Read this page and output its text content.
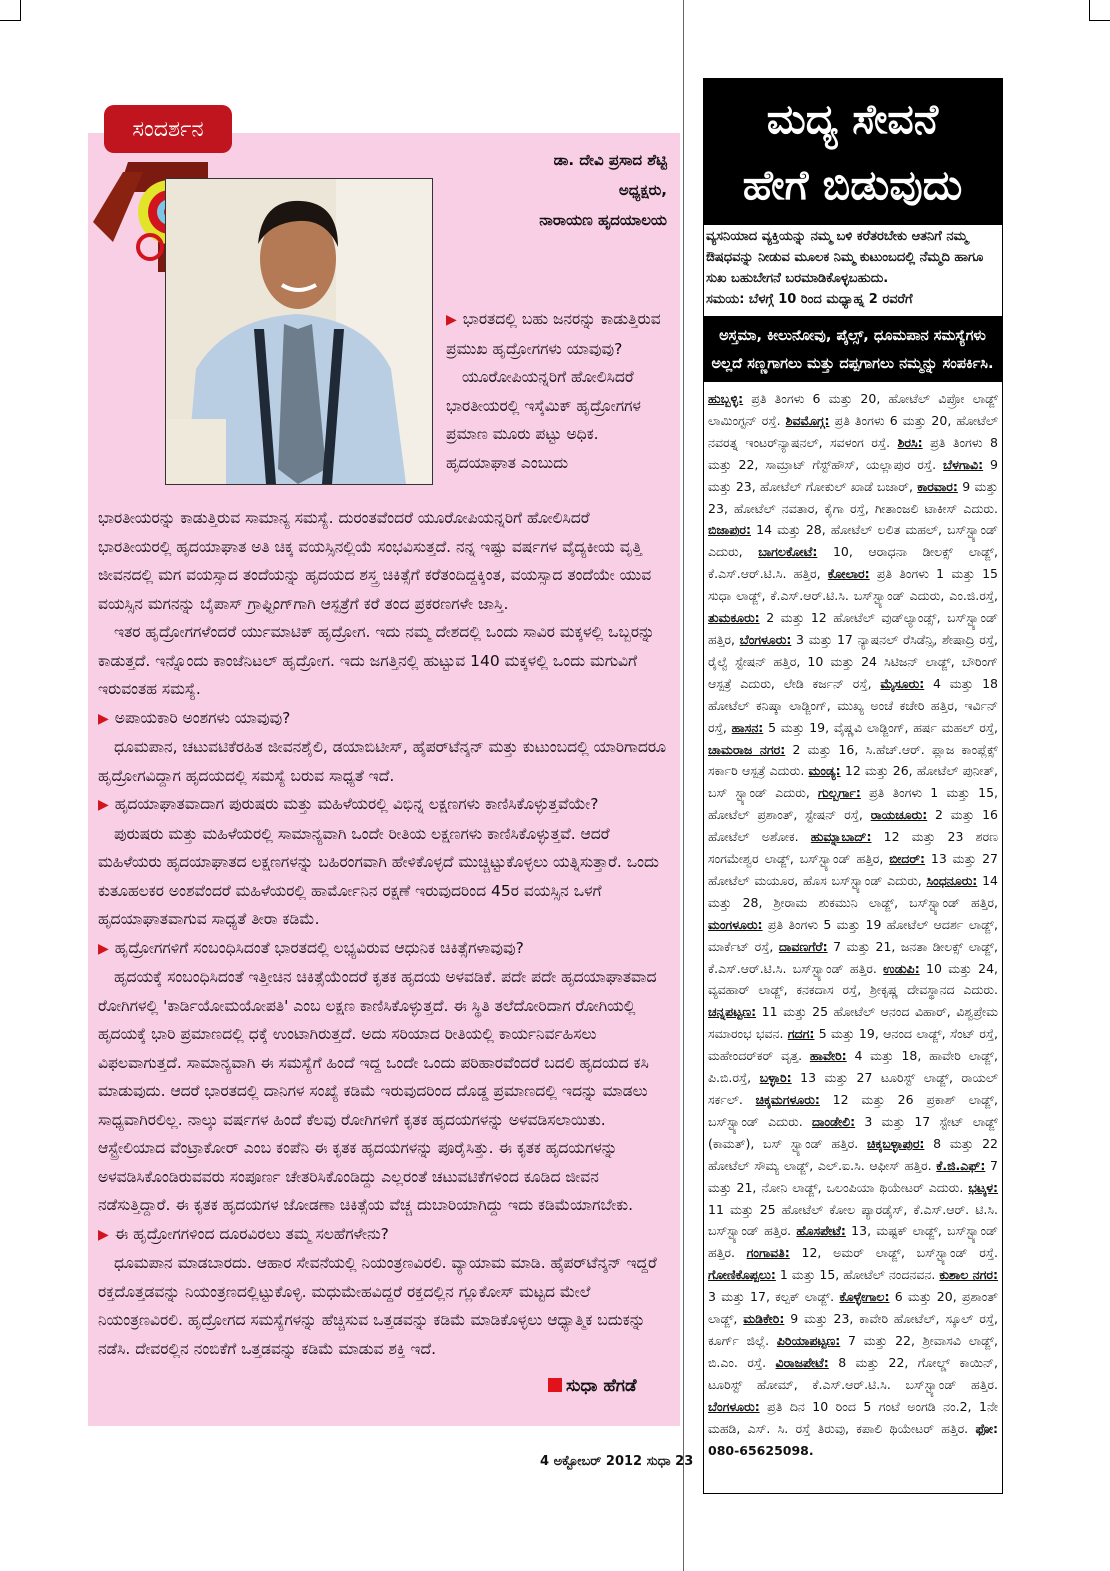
ಸಂದರ್ಶನ
ಡಾ. ದೇವಿ ಪ್ರಸಾದ ಶೆಟ್ಟಿ
ಅಧ್ಯಕ್ಷರು,
ನಾರಾಯಣ ಹೃದಯಾಲಯ

▶ ಭಾರತದಲ್ಲಿ ಬಹು ಜನರನ್ನು ಕಾಡುತ್ತಿರುವ ಪ್ರಮುಖ ಹೃದ್ರೋಗಗಳು ಯಾವುವು?

ಯೂರೋಪಿಯನ್ನರಿಗೆ ಹೋಲಿಸಿದರೆ ಭಾರತೀಯರಲ್ಲಿ ಇಸ್ಕೆಮಿಕ್ ಹೃದ್ರೋಗಗಳ ಪ್ರಮಾಣ ಮೂರು ಪಟ್ಟು ಅಧಿಕ. ಹೃದಯಾಘಾತ ಎಂಬುದು

ಭಾರತೀಯರನ್ನು ಕಾಡುತ್ತಿರುವ ಸಾಮಾನ್ಯ ಸಮಸ್ಯೆ. ದುರಂತವೆಂದರೆ ಯೂರೋಪಿಯನ್ನರಿಗೆ ಹೋಲಿಸಿದರೆ ಭಾರತೀಯರಲ್ಲಿ ಹೃದಯಾಘಾತ ಅತಿ ಚಿಕ್ಕ ವಯಸ್ಸಿನಲ್ಲಿಯೆ ಸಂಭವಿಸುತ್ತದೆ. ನನ್ನ ಇಷ್ಟು ವರ್ಷಗಳ ವೈದ್ಯಕೀಯ ವೃತ್ತಿ ಜೀವನದಲ್ಲಿ ಮಗ ವಯಸ್ಸಾದ ತಂದೆಯನ್ನು ಹೃದಯದ ಶಸ್ತ್ರ ಚಿಕಿತ್ಸೆಗೆ ಕರೆತಂದಿದ್ದಕ್ಕಿಂತ, ವಯಸ್ಸಾದ ತಂದೆಯೇ ಯುವ ವಯಸ್ಸಿನ ಮಗನನ್ನು ಬೈಪಾಸ್ ಗ್ರಾಫ್ಟಿಂಗ್‌ಗಾಗಿ ಆಸ್ಪತ್ರೆಗೆ ಕರೆ ತಂದ ಪ್ರಕರಣಗಳೇ ಜಾಸ್ತಿ.

ಇತರ ಹೃದ್ರೋಗಗಳೆಂದರೆ ರ್ಯುಮಾಟಿಕ್ ಹೃದ್ರೋಗ. ಇದು ನಮ್ಮ ದೇಶದಲ್ಲಿ ಒಂದು ಸಾವಿರ ಮಕ್ಕಳಲ್ಲಿ ಒಬ್ಬರನ್ನು ಕಾಡುತ್ತದೆ. ಇನ್ನೊಂದು ಕಾಂಜೆನಿಟಲ್ ಹೃದ್ರೋಗ. ಇದು ಜಗತ್ತಿನಲ್ಲಿ ಹುಟ್ಟುವ 140 ಮಕ್ಕಳಲ್ಲಿ ಒಂದು ಮಗುವಿಗೆ ಇರುವಂತಹ ಸಮಸ್ಯೆ.

▶ ಅಪಾಯಕಾರಿ ಅಂಶಗಳು ಯಾವುವು?

ಧೂಮಪಾನ, ಚಟುವಟಿಕೆರಹಿತ ಜೀವನಶೈಲಿ, ಡಯಾಬಿಟೀಸ್, ಹೈಪರ್‌ಟೆನ್ಶನ್ ಮತ್ತು ಕುಟುಂಬದಲ್ಲಿ ಯಾರಿಗಾದರೂ ಹೃದ್ರೋಗವಿದ್ದಾಗ ಹೃದಯದಲ್ಲಿ ಸಮಸ್ಯೆ ಬರುವ ಸಾಧ್ಯತೆ ಇದೆ.

▶ ಹೃದಯಾಘಾತವಾದಾಗ ಪುರುಷರು ಮತ್ತು ಮಹಿಳೆಯರಲ್ಲಿ ವಿಭಿನ್ನ ಲಕ್ಷಣಗಳು ಕಾಣಿಸಿಕೊಳ್ಳುತ್ತವೆಯೇ?

ಪುರುಷರು ಮತ್ತು ಮಹಿಳೆಯರಲ್ಲಿ ಸಾಮಾನ್ಯವಾಗಿ ಒಂದೇ ರೀತಿಯ ಲಕ್ಷಣಗಳು ಕಾಣಿಸಿಕೊಳ್ಳುತ್ತವೆ. ಆದರೆ ಮಹಿಳೆಯರು ಹೃದಯಾಘಾತದ ಲಕ್ಷಣಗಳನ್ನು ಬಹಿರಂಗವಾಗಿ ಹೇಳಿಕೊಳ್ಳದೆ ಮುಚ್ಚಿಟ್ಟುಕೊಳ್ಳಲು ಯತ್ನಿಸುತ್ತಾರೆ. ಒಂದು ಕುತೂಹಲಕರ ಅಂಶವೆಂದರೆ ಮಹಿಳೆಯರಲ್ಲಿ ಹಾರ್ಮೋನಿನ ರಕ್ಷಣೆ ಇರುವುದರಿಂದ 45ರ ವಯಸ್ಸಿನ ಒಳಗೆ ಹೃದಯಾಘಾತವಾಗುವ ಸಾಧ್ಯತೆ ತೀರಾ ಕಡಿಮೆ.

▶ ಹೃದ್ರೋಗಗಳಿಗೆ ಸಂಬಂಧಿಸಿದಂತೆ ಭಾರತದಲ್ಲಿ ಲಭ್ಯವಿರುವ ಆಧುನಿಕ ಚಿಕಿತ್ಸೆಗಳಾವುವು?

ಹೃದಯಕ್ಕೆ ಸಂಬಂಧಿಸಿದಂತೆ ಇತ್ತೀಚಿನ ಚಿಕಿತ್ಸೆಯೆಂದರೆ ಕೃತಕ ಹೃದಯ ಅಳವಡಿಕೆ. ಪದೇ ಪದೇ ಹೃದಯಾಘಾತವಾದ ರೋಗಿಗಳಲ್ಲಿ 'ಕಾರ್ಡಿಯೋಮಯೋಪತಿ' ಎಂಬ ಲಕ್ಷಣ ಕಾಣಿಸಿಕೊಳ್ಳುತ್ತದೆ. ಈ ಸ್ಥಿತಿ ತಲೆದೋರಿದಾಗ ರೋಗಿಯಲ್ಲಿ ಹೃದಯಕ್ಕೆ ಭಾರಿ ಪ್ರಮಾಣದಲ್ಲಿ ಧಕ್ಕೆ ಉಂಟಾಗಿರುತ್ತದೆ. ಅದು ಸರಿಯಾದ ರೀತಿಯಲ್ಲಿ ಕಾರ್ಯನಿರ್ವಹಿಸಲು ವಿಫಲವಾಗುತ್ತದೆ. ಸಾಮಾನ್ಯವಾಗಿ ಈ ಸಮಸ್ಯೆಗೆ ಹಿಂದೆ ಇದ್ದ ಒಂದೇ ಒಂದು ಪರಿಹಾರವೆಂದರೆ ಬದಲಿ ಹೃದಯದ ಕಸಿ ಮಾಡುವುದು. ಆದರೆ ಭಾರತದಲ್ಲಿ ದಾನಿಗಳ ಸಂಖ್ಯೆ ಕಡಿಮೆ ಇರುವುದರಿಂದ ದೊಡ್ಡ ಪ್ರಮಾಣದಲ್ಲಿ ಇದನ್ನು ಮಾಡಲು ಸಾಧ್ಯವಾಗಿರಲಿಲ್ಲ. ನಾಲ್ಕು ವರ್ಷಗಳ ಹಿಂದೆ ಕೆಲವು ರೋಗಿಗಳಿಗೆ ಕೃತಕ ಹೃದಯಗಳನ್ನು ಅಳವಡಿಸಲಾಯಿತು. ಆಸ್ಟ್ರೇಲಿಯಾದ ವೆಂಟ್ರಾಕೋರ್ ಎಂಬ ಕಂಪೆನಿ ಈ ಕೃತಕ ಹೃದಯಗಳನ್ನು ಪೂರೈಸಿತ್ತು. ಈ ಕೃತಕ ಹೃದಯಗಳನ್ನು ಅಳವಡಿಸಿಕೊಂಡಿರುವವರು ಸಂಪೂರ್ಣ ಚೇತರಿಸಿಕೊಂಡಿದ್ದು ಎಲ್ಲರಂತೆ ಚಟುವಟಿಕೆಗಳಿಂದ ಕೂಡಿದ ಜೀವನ ನಡೆಸುತ್ತಿದ್ದಾರೆ. ಈ ಕೃತಕ ಹೃದಯಗಳ ಜೋಡಣಾ ಚಿಕಿತ್ಸೆಯ ವೆಚ್ಚ ದುಬಾರಿಯಾಗಿದ್ದು ಇದು ಕಡಿಮೆಯಾಗಬೇಕು.

▶ ಈ ಹೃದ್ರೋಗಗಳಿಂದ ದೂರವಿರಲು ತಮ್ಮ ಸಲಹೆಗಳೇನು?

ಧೂಮಪಾನ ಮಾಡಬಾರದು. ಆಹಾರ ಸೇವನೆಯಲ್ಲಿ ನಿಯಂತ್ರಣವಿರಲಿ. ವ್ಯಾಯಾಮ ಮಾಡಿ. ಹೈಪರ್‌ಟೆನ್ಶನ್ ಇದ್ದರೆ ರಕ್ತದೊತ್ತಡವನ್ನು ನಿಯಂತ್ರಣದಲ್ಲಿಟ್ಟುಕೊಳ್ಳಿ. ಮಧುಮೇಹವಿದ್ದರೆ ರಕ್ತದಲ್ಲಿನ ಗ್ಲೂಕೋಸ್ ಮಟ್ಟದ ಮೇಲೆ ನಿಯಂತ್ರಣವಿರಲಿ. ಹೃದ್ರೋಗದ ಸಮಸ್ಯೆಗಳನ್ನು ಹೆಚ್ಚಿಸುವ ಒತ್ತಡವನ್ನು ಕಡಿಮೆ ಮಾಡಿಕೊಳ್ಳಲು ಆಧ್ಯಾತ್ಮಿಕ ಬದುಕನ್ನು ನಡೆಸಿ. ದೇವರಲ್ಲಿನ ನಂಬಿಕೆಗೆ ಒತ್ತಡವನ್ನು ಕಡಿಮೆ ಮಾಡುವ ಶಕ್ತಿ ಇದೆ.

ಸುಧಾ ಹೆಗಡೆ
4 ಅಕ್ಟೋಬರ್ 2012 ಸುಧಾ 23
ಮದ್ಯ ಸೇವನೆ
ಹೇಗೆ ಬಿಡುವುದು
ವ್ಯಸನಿಯಾದ ವ್ಯಕ್ತಿಯನ್ನು ನಮ್ಮ ಬಳಿ ಕರೆತರಬೇಕು ಆತನಿಗೆ ನಮ್ಮ ಔಷಧವನ್ನು ನೀಡುವ ಮೂಲಕ ನಿಮ್ಮ ಕುಟುಂಬದಲ್ಲಿ ನೆಮ್ಮದಿ ಹಾಗೂ ಸುಖ ಬಹುಬೇಗನೆ ಬರಮಾಡಿಕೊಳ್ಳಬಹುದು.
ಸಮಯ: ಬೆಳಗ್ಗೆ 10 ರಿಂದ ಮಧ್ಯಾಹ್ನ 2 ರವರೆಗೆ
ಅಸ್ತಮಾ, ಕೀಲುನೋವು, ಪೈಲ್ಸ್, ಧೂಮಪಾನ ಸಮಸ್ಯೆಗಳು ಅಲ್ಲದೆ ಸಣ್ಣಗಾಗಲು ಮತ್ತು ದಪ್ಪಗಾಗಲು ನಮ್ಮನ್ನು ಸಂಪರ್ಕಿಸಿ.
ಹುಬ್ಬಳ್ಳಿ: ಪ್ರತಿ ತಿಂಗಳು 6 ಮತ್ತು 20, ಹೋಟೆಲ್ ವಿಪ್ರೋ ಲಾಡ್ಜ್ ಲಾಮಿಂಗ್ಟನ್ ರಸ್ತೆ. ಶಿವಮೊಗ್ಗ: ಪ್ರತಿ ತಿಂಗಳು 6 ಮತ್ತು 20, ಹೋಟೆಲ್ ನವರತ್ನ ಇಂಟರ್‌ನ್ಯಾಷನಲ್, ಸವಳಂಗ ರಸ್ತೆ. ಶಿರಸಿ: ಪ್ರತಿ ತಿಂಗಳು 8 ಮತ್ತು 22, ಸಾಮ್ರಾಟ್ ಗೆಸ್ಟ್‌ಹೌಸ್, ಯಲ್ಲಾಪುರ ರಸ್ತೆ. ಬೆಳಗಾವಿ: 9 ಮತ್ತು 23, ಹೋಟೆಲ್ ಗೋಕುಲ್ ಖಾಡೆ ಬಜಾರ್, ಕಾರವಾರ: 9 ಮತ್ತು 23, ಹೋಟೆಲ್ ನವತಾರ, ಕೈಗಾ ರಸ್ತೆ, ಗೀತಾಂಜಲಿ ಟಾಕೀಸ್ ಎದುರು. ಬಿಜಾಪುರ: 14 ಮತ್ತು 28, ಹೋಟೆಲ್ ಲಲಿತ ಮಹಲ್, ಬಸ್‌ಸ್ಟ್ಯಾಂಡ್ ಎದುರು, ಬಾಗಲಕೋಟೆ: 10, ಆರಾಧನಾ ಡೀಲಕ್ಸ್ ಲಾಡ್ಜ್, ಕೆ.ಎಸ್.ಆರ್.ಟಿ.ಸಿ. ಹತ್ತಿರ, ಕೋಲಾರ: ಪ್ರತಿ ತಿಂಗಳು 1 ಮತ್ತು 15 ಸುಧಾ ಲಾಡ್ಜ್, ಕೆ.ಎಸ್.ಆರ್.ಟಿ.ಸಿ. ಬಸ್‌ಸ್ಟ್ಯಾಂಡ್ ಎದುರು, ಎಂ.ಜಿ.ರಸ್ತೆ, ತುಮಕೂರು: 2 ಮತ್ತು 12 ಹೋಟೆಲ್ ವುಡ್‌ಲ್ಯಾಂಡ್ಸ್, ಬಸ್‌ಸ್ಟ್ಯಾಂಡ್ ಹತ್ತಿರ, ಬೆಂಗಳೂರು: 3 ಮತ್ತು 17 ನ್ಯಾಷನಲ್ ರೆಸಿಡೆನ್ಸಿ, ಶೇಷಾದ್ರಿ ರಸ್ತೆ, ರೈಲ್ವೆ ಸ್ಟೇಷನ್ ಹತ್ತಿರ, 10 ಮತ್ತು 24 ಸಿಟಿಜನ್ ಲಾಡ್ಜ್, ಬೌರಿಂಗ್ ಆಸ್ಪತ್ರೆ ಎದುರು, ಲೇಡಿ ಕರ್ಜನ್ ರಸ್ತೆ, ಮೈಸೂರು: 4 ಮತ್ತು 18 ಹೋಟೆಲ್ ಕನಿಷ್ಕಾ ಲಾಡ್ಜಿಂಗ್, ಮುಖ್ಯ ಅಂಚೆ ಕಚೇರಿ ಹತ್ತಿರ, ಇರ್ವಿನ್ ರಸ್ತೆ, ಹಾಸನ: 5 ಮತ್ತು 19, ವೈಷ್ಣವಿ ಲಾಡ್ಜಿಂಗ್, ಹರ್ಷ ಮಹಲ್ ರಸ್ತೆ, ಚಾಮರಾಜ ನಗರ: 2 ಮತ್ತು 16, ಸಿ.ಹೆಚ್.ಆರ್. ಪ್ಲಾಜ ಕಾಂಪ್ಲೆಕ್ಸ್ ಸರ್ಕಾರಿ ಆಸ್ಪತ್ರೆ ಎದುರು. ಮಂಡ್ಯ: 12 ಮತ್ತು 26, ಹೋಟೆಲ್ ಪುನೀತ್, ಬಸ್ ಸ್ಟ್ಯಾಂಡ್ ಎದುರು, ಗುಲ್ಬರ್ಗಾ: ಪ್ರತಿ ತಿಂಗಳು 1 ಮತ್ತು 15, ಹೋಟೆಲ್ ಪ್ರಶಾಂತ್, ಸ್ಟೇಷನ್ ರಸ್ತೆ, ರಾಯಚೂರು: 2 ಮತ್ತು 16 ಹೋಟೆಲ್ ಅಶೋಕ. ಹುಮ್ನಾಬಾದ್: 12 ಮತ್ತು 23 ಶರಣ ಸಂಗಮೇಶ್ವರ ಲಾಡ್ಜ್, ಬಸ್‌ಸ್ಟ್ಯಾಂಡ್ ಹತ್ತಿರ, ಬೀದರ್: 13 ಮತ್ತು 27 ಹೋಟೆಲ್ ಮಯೂರ, ಹೊಸ ಬಸ್‌ಸ್ಟ್ಯಾಂಡ್ ಎದುರು, ಸಿಂಧನೂರು: 14 ಮತ್ತು 28, ಶ್ರೀರಾಮ ಶುಕಮುನಿ ಲಾಡ್ಜ್, ಬಸ್‌ಸ್ಟ್ಯಾಂಡ್ ಹತ್ತಿರ, ಮಂಗಳೂರು: ಪ್ರತಿ ತಿಂಗಳು 5 ಮತ್ತು 19 ಹೋಟೆಲ್ ಆದರ್ಶ ಲಾಡ್ಜ್, ಮಾರ್ಕೆಟ್ ರಸ್ತೆ, ದಾವಣಗೆರೆ: 7 ಮತ್ತು 21, ಜನತಾ ಡೀಲಕ್ಸ್ ಲಾಡ್ಜ್, ಕೆ.ಎಸ್.ಆರ್.ಟಿ.ಸಿ. ಬಸ್‌ಸ್ಟ್ಯಾಂಡ್ ಹತ್ತಿರ. ಉಡುಪಿ: 10 ಮತ್ತು 24, ವ್ಯವಹಾರ್ ಲಾಡ್ಜ್, ಕನಕದಾಸ ರಸ್ತೆ, ಶ್ರೀಕೃಷ್ಣ ದೇವಸ್ಥಾನದ ಎದುರು. ಚನ್ನಪಟ್ಟಣ: 11 ಮತ್ತು 25 ಹೋಟೆಲ್ ಆನಂದ ವಿಹಾರ್, ವಿಶ್ವಪ್ರೇಮ ಸಮಾರಂಭ ಭವನ. ಗದಗ: 5 ಮತ್ತು 19, ಆನಂದ ಲಾಡ್ಜ್, ಸೆಂಟ್ ರಸ್ತೆ, ಮಹೇಂದರ್‌ಕರ್ ವೃತ್ತ. ಹಾವೇರಿ: 4 ಮತ್ತು 18, ಹಾವೇರಿ ಲಾಡ್ಜ್, ಪಿ.ಬಿ.ರಸ್ತೆ, ಬಳ್ಳಾರಿ: 13 ಮತ್ತು 27 ಟೂರಿಸ್ಟ್ ಲಾಡ್ಜ್, ರಾಯಲ್ ಸರ್ಕಲ್. ಚಿಕ್ಕಮಗಳೂರು: 12 ಮತ್ತು 26 ಪ್ರಕಾಶ್ ಲಾಡ್ಜ್, ಬಸ್‌ಸ್ಟ್ಯಾಂಡ್ ಎದುರು. ದಾಂಡೇಲಿ: 3 ಮತ್ತು 17 ಸ್ಟೇಟ್ ಲಾಡ್ಜ್ (ಕಾಮತ್), ಬಸ್ ಸ್ಟ್ಯಾಂಡ್ ಹತ್ತಿರ. ಚಿಕ್ಕಬಳ್ಳಾಪುರ: 8 ಮತ್ತು 22 ಹೋಟೆಲ್ ಸೌಮ್ಯ ಲಾಡ್ಜ್, ಎಲ್.ಐ.ಸಿ. ಆಫೀಸ್ ಹತ್ತಿರ. ಕೆ.ಜಿ.ಎಫ್: 7 ಮತ್ತು 21, ನೋನಿ ಲಾಡ್ಜ್, ಒಲಂಪಿಯಾ ಥಿಯೇಟರ್ ಎದುರು. ಭಟ್ಕಳ: 11 ಮತ್ತು 25 ಹೋಟೆಲ್ ಕೋಲ ಪ್ಯಾರಡೈಸ್, ಕೆ.ಎಸ್.ಆರ್. ಟಿ.ಸಿ. ಬಸ್‌ಸ್ಟ್ಯಾಂಡ್ ಹತ್ತಿರ. ಹೊಸಪೇಟೆ: 13, ಮಷ್ಟಕ್ ಲಾಡ್ಜ್, ಬಸ್‌ಸ್ಟ್ಯಾಂಡ್ ಹತ್ತಿರ. ಗಂಗಾವತಿ: 12, ಅಮರ್ ಲಾಡ್ಜ್, ಬಸ್‌ಸ್ಟ್ಯಾಂಡ್ ರಸ್ತೆ. ಗೋಣಿಕೊಪ್ಪಲು: 1 ಮತ್ತು 15, ಹೋಟೆಲ್ ನಂದನವನ. ಕುಶಾಲ ನಗರ: 3 ಮತ್ತು 17, ಕಲ್ಪಕ್ ಲಾಡ್ಜ್. ಕೊಳ್ಳೇಗಾಲ: 6 ಮತ್ತು 20, ಪ್ರಶಾಂತ್ ಲಾಡ್ಜ್, ಮಡಿಕೇರಿ: 9 ಮತ್ತು 23, ಕಾವೇರಿ ಹೋಟೆಲ್, ಸ್ಕೂಲ್ ರಸ್ತೆ, ಕೂರ್ಗ್ ಜಿಲ್ಲೆ. ಪಿರಿಯಾಪಟ್ಟಣ: 7 ಮತ್ತು 22, ಶ್ರೀವಾಸವಿ ಲಾಡ್ಜ್, ಬಿ.ಎಂ. ರಸ್ತೆ. ವಿರಾಜಪೇಟೆ: 8 ಮತ್ತು 22, ಗೋಲ್ಡ್ ಕಾಯಿನ್, ಟೂರಿಸ್ಟ್ ಹೋಮ್, ಕೆ.ಎಸ್.ಆರ್.ಟಿ.ಸಿ. ಬಸ್‌ಸ್ಟ್ಯಾಂಡ್ ಹತ್ತಿರ. ಬೆಂಗಳೂರು: ಪ್ರತಿ ದಿನ 10 ರಿಂದ 5 ಗಂಟೆ ಅಂಗಡಿ ನಂ.2, 1ನೇ ಮಹಡಿ, ಎಸ್. ಸಿ. ರಸ್ತೆ ತಿರುವು, ಕಪಾಲಿ ಥಿಯೇಟರ್ ಹತ್ತಿರ. ಫೋ: 080-65625098.
